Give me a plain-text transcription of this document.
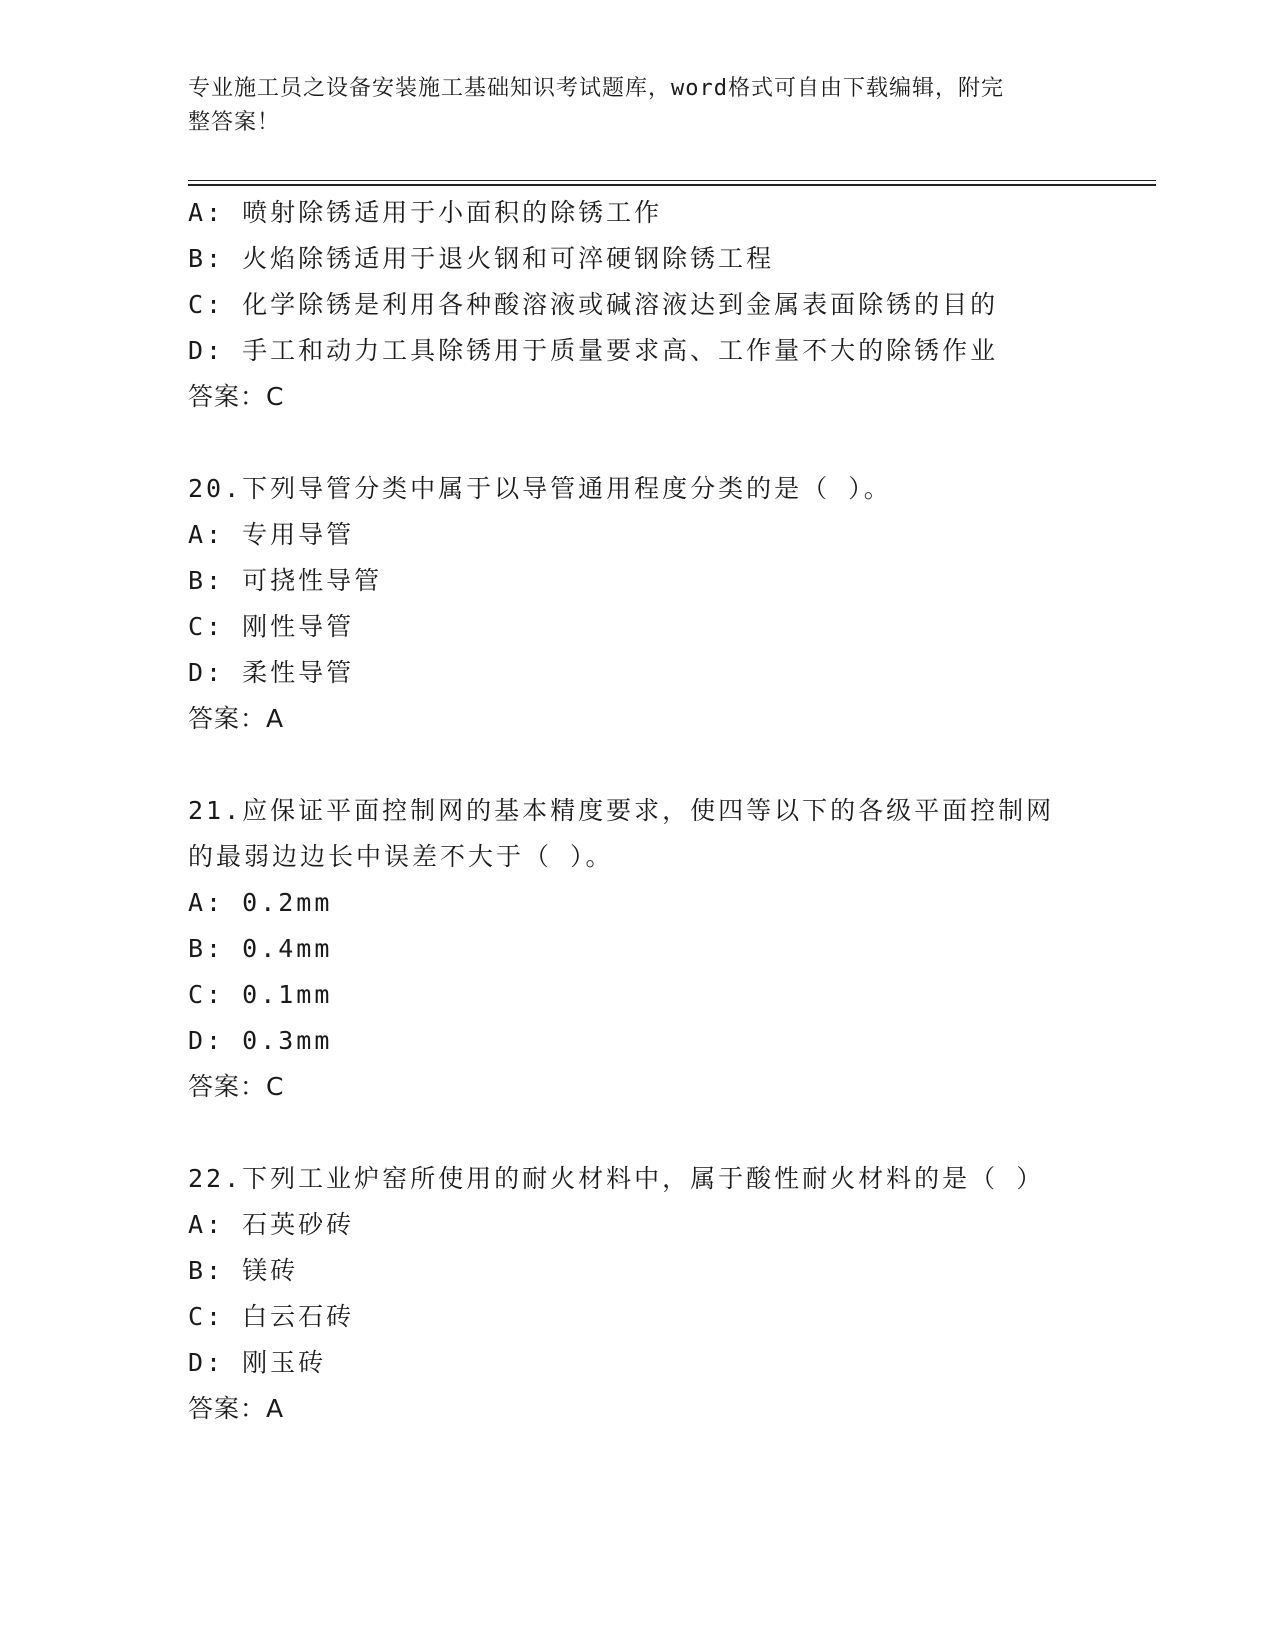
专业施工员之设备安装施工基础知识考试题库，word格式可自由下载编辑，附完
整答案！
A: 喷射除锈适用于小面积的除锈工作
B: 火焰除锈适用于退火钢和可淬硬钢除锈工程
C: 化学除锈是利用各种酸溶液或碱溶液达到金属表面除锈的目的
D: 手工和动力工具除锈用于质量要求高、工作量不大的除锈作业
答案：C
20.下列导管分类中属于以导管通用程度分类的是（ ）。
A: 专用导管
B: 可挠性导管
C: 刚性导管
D: 柔性导管
答案：A
21.应保证平面控制网的基本精度要求，使四等以下的各级平面控制网
的最弱边边长中误差不大于（ ）。
A: 0.2mm
B: 0.4mm
C: 0.1mm
D: 0.3mm
答案：C
22.下列工业炉窑所使用的耐火材料中，属于酸性耐火材料的是（ ）
A: 石英砂砖
B: 镁砖
C: 白云石砖
D: 刚玉砖
答案：A
